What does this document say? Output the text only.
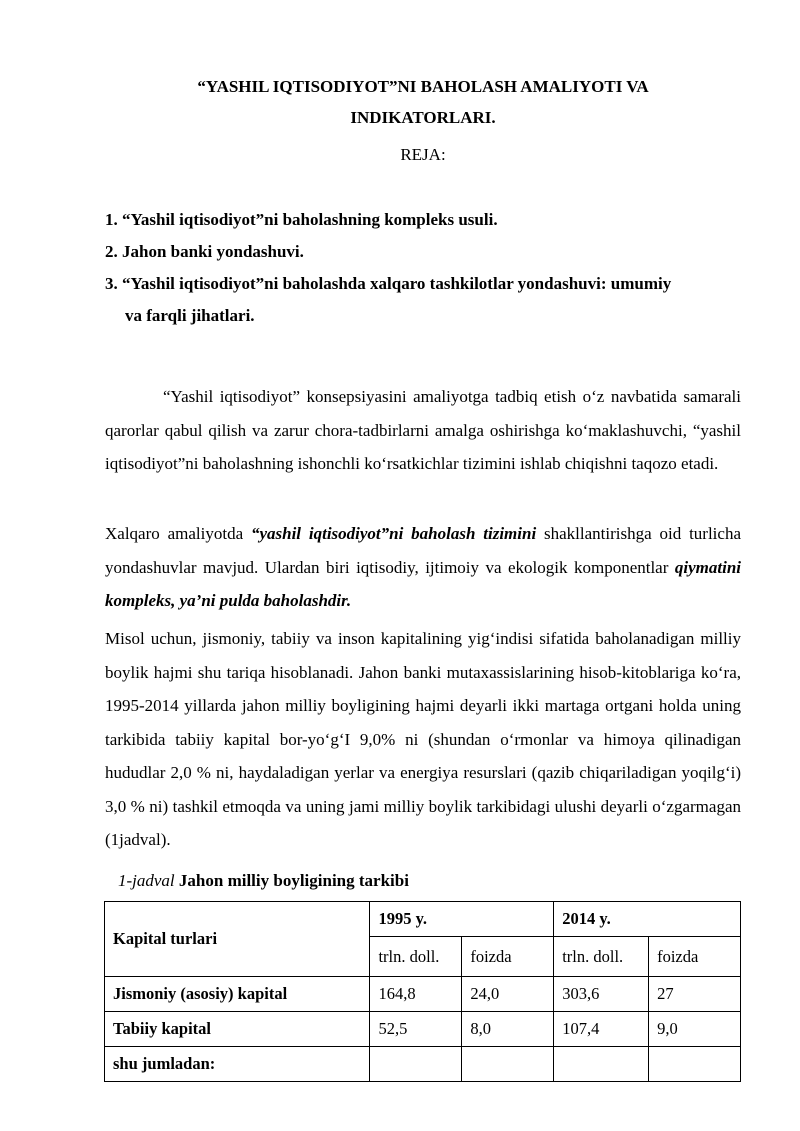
“YASHIL IQTISODIYOT”NI BAHOLASH AMALIYOTI VA
INDIKATORLARI.
REJA:
1. “Yashil iqtisodiyot”ni baholashning kompleks usuli.
2. Jahon banki yondashuvi.
3. “Yashil iqtisodiyot”ni baholashda xalqaro tashkilotlar yondashuvi: umumiy
va farqli jihatlari.
“Yashil iqtisodiyot” konsepsiyasini amaliyotga tadbiq etish o‘z navbatida samarali qarorlar qabul qilish va zarur chora-tadbirlarni amalga oshirishga ko‘maklashuvchi, “yashil iqtisodiyot”ni baholashning ishonchli ko‘rsatkichlar tizimini ishlab chiqishni taqozo etadi.
Xalqaro amaliyotda “yashil iqtisodiyot”ni baholash tizimini shakllantirishga oid turlicha yondashuvlar mavjud. Ulardan biri iqtisodiy, ijtimoiy va ekologik komponentlar qiymatini kompleks, ya’ni pulda baholashdir.
Misol uchun, jismoniy, tabiiy va inson kapitalining yig‘indisi sifatida baholanadigan milliy boylik hajmi shu tariqa hisoblanadi. Jahon banki mutaxassislarining hisob-kitoblariga ko‘ra, 1995-2014 yillarda jahon milliy boyligining hajmi deyarli ikki martaga ortgani holda uning tarkibida tabiiy kapital bor-yo‘g‘I 9,0% ni (shundan o‘rmonlar va himoya qilinadigan hududlar 2,0 % ni, haydaladigan yerlar va energiya resurslari (qazib chiqariladigan yoqilg‘i) 3,0 % ni) tashkil etmoqda va uning jami milliy boylik tarkibidagi ulushi deyarli o‘zgarmagan (1jadval).
1-jadval Jahon milliy boyligining tarkibi
Kapital turlari	1995 y.		2014 y.	
	trln. doll.	foizda	trln. doll.	foizda
Jismoniy (asosiy) kapital	164,8	24,0	303,6	27
Tabiiy kapital	52,5	8,0	107,4	9,0
shu jumladan:				
